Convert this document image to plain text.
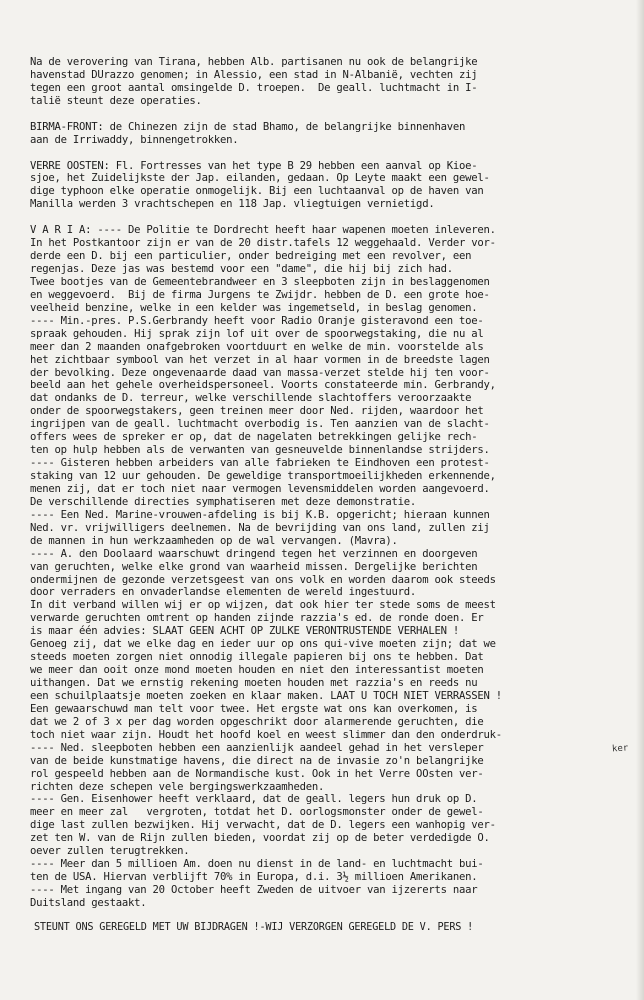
Na de verovering van Tirana, hebben Alb. partisanen nu ook de belangrijke
havenstad DUrazzo genomen; in Alessio, een stad in N-Albanië, vechten zij
tegen een groot aantal omsingelde D. troepen.  De geall. luchtmacht in I-
talië steunt deze operaties.
BIRMA-FRONT: de Chinezen zijn de stad Bhamo, de belangrijke binnenhaven
aan de Irriwaddy, binnengetrokken.
VERRE OOSTEN: Fl. Fortresses van het type B 29 hebben een aanval op Kioe-
sjoe, het Zuidelijkste der Jap. eilanden, gedaan. Op Leyte maakt een gewel-
dige typhoon elke operatie onmogelijk. Bij een luchtaanval op de haven van
Manilla werden 3 vrachtschepen en 118 Jap. vliegtuigen vernietigd.
V A R I A: ---- De Politie te Dordrecht heeft haar wapenen moeten inleveren.
In het Postkantoor zijn er van de 20 distr.tafels 12 weggehaald. Verder vor-
derde een D. bij een particulier, onder bedreiging met een revolver, een
regenjas. Deze jas was bestemd voor een "dame", die hij bij zich had.
Twee bootjes van de Gemeentebrandweer en 3 sleepboten zijn in beslaggenomen
en weggevoerd.  Bij de firma Jurgens te Zwijdr. hebben de D. een grote hoe-
veelheid benzine, welke in een kelder was ingemetseld, in beslag genomen.
---- Min.-pres. P.S.Gerbrandy heeft voor Radio Oranje gisteravond een toe-
spraak gehouden. Hij sprak zijn lof uit over de spoorwegstaking, die nu al
meer dan 2 maanden onafgebroken voortduurt en welke de min. voorstelde als
het zichtbaar symbool van het verzet in al haar vormen in de breedste lagen
der bevolking. Deze ongevenaarde daad van massa-verzet stelde hij ten voor-
beeld aan het gehele overheidspersoneel. Voorts constateerde min. Gerbrandy,
dat ondanks de D. terreur, welke verschillende slachtoffers veroorzaakte
onder de spoorwegstakers, geen treinen meer door Ned. rijden, waardoor het
ingrijpen van de geall. luchtmacht overbodig is. Ten aanzien van de slacht-
offers wees de spreker er op, dat de nagelaten betrekkingen gelijke rech-
ten op hulp hebben als de verwanten van gesneuvelde binnenlandse strijders.
---- Gisteren hebben arbeiders van alle fabrieken te Eindhoven een protest-
staking van 12 uur gehouden. De geweldige transportmoeilijkheden erkennende,
menen zij, dat er toch niet naar vermogen levensmiddelen worden aangevoerd.
De verschillende directies symphatiseren met deze demonstratie.
---- Een Ned. Marine-vrouwen-afdeling is bij K.B. opgericht; hieraan kunnen
Ned. vr. vrijwilligers deelnemen. Na de bevrijding van ons land, zullen zij
de mannen in hun werkzaamheden op de wal vervangen. (Mavra).
---- A. den Doolaard waarschuwt dringend tegen het verzinnen en doorgeven
van geruchten, welke elke grond van waarheid missen. Dergelijke berichten
ondermijnen de gezonde verzetsgeest van ons volk en worden daarom ook steeds
door verraders en onvaderlandse elementen de wereld ingestuurd.
In dit verband willen wij er op wijzen, dat ook hier ter stede soms de meest
verwarde geruchten omtrent op handen zijnde razzia's ed. de ronde doen. Er
is maar één advies: SLAAT GEEN ACHT OP ZULKE VERONTRUSTENDE VERHALEN !
Genoeg zij, dat we elke dag en ieder uur op ons qui-vive moeten zijn; dat we
steeds moeten zorgen niet onnodig illegale papieren bij ons te hebben. Dat
we meer dan ooit onze mond moeten houden en niet den interessantist moeten
uithangen. Dat we ernstig rekening moeten houden met razzia's en reeds nu
een schuilplaatsje moeten zoeken en klaar maken. LAAT U TOCH NIET VERRASSEN !
Een gewaarschuwd man telt voor twee. Het ergste wat ons kan overkomen, is
dat we 2 of 3 x per dag worden opgeschrikt door alarmerende geruchten, die
toch niet waar zijn. Houdt het hoofd koel en weest slimmer dan den onderdruk-
---- Ned. sleepboten hebben een aanzienlijk aandeel gehad in het versleper
van de beide kunstmatige havens, die direct na de invasie zo'n belangrijke
rol gespeeld hebben aan de Normandische kust. Ook in het Verre OOsten ver-
richten deze schepen vele bergingswerkzaamheden.
---- Gen. Eisenhower heeft verklaard, dat de geall. legers hun druk op D.
meer en meer zal   vergroten, totdat het D. oorlogsmonster onder de gewel-
dige last zullen bezwijken. Hij verwacht, dat de D. legers een wanhopig ver-
zet ten W. van de Rijn zullen bieden, voordat zij op de beter verdedigde O.
oever zullen terugtrekken.
---- Meer dan 5 millioen Am. doen nu dienst in de land- en luchtmacht bui-
ten de USA. Hiervan verblijft 70% in Europa, d.i. 3½ millioen Amerikanen.
---- Met ingang van 20 October heeft Zweden de uitvoer van ijzererts naar
Duitsland gestaakt.
ker
STEUNT ONS GEREGELD MET UW BIJDRAGEN !-WIJ VERZORGEN GEREGELD DE V. PERS !
